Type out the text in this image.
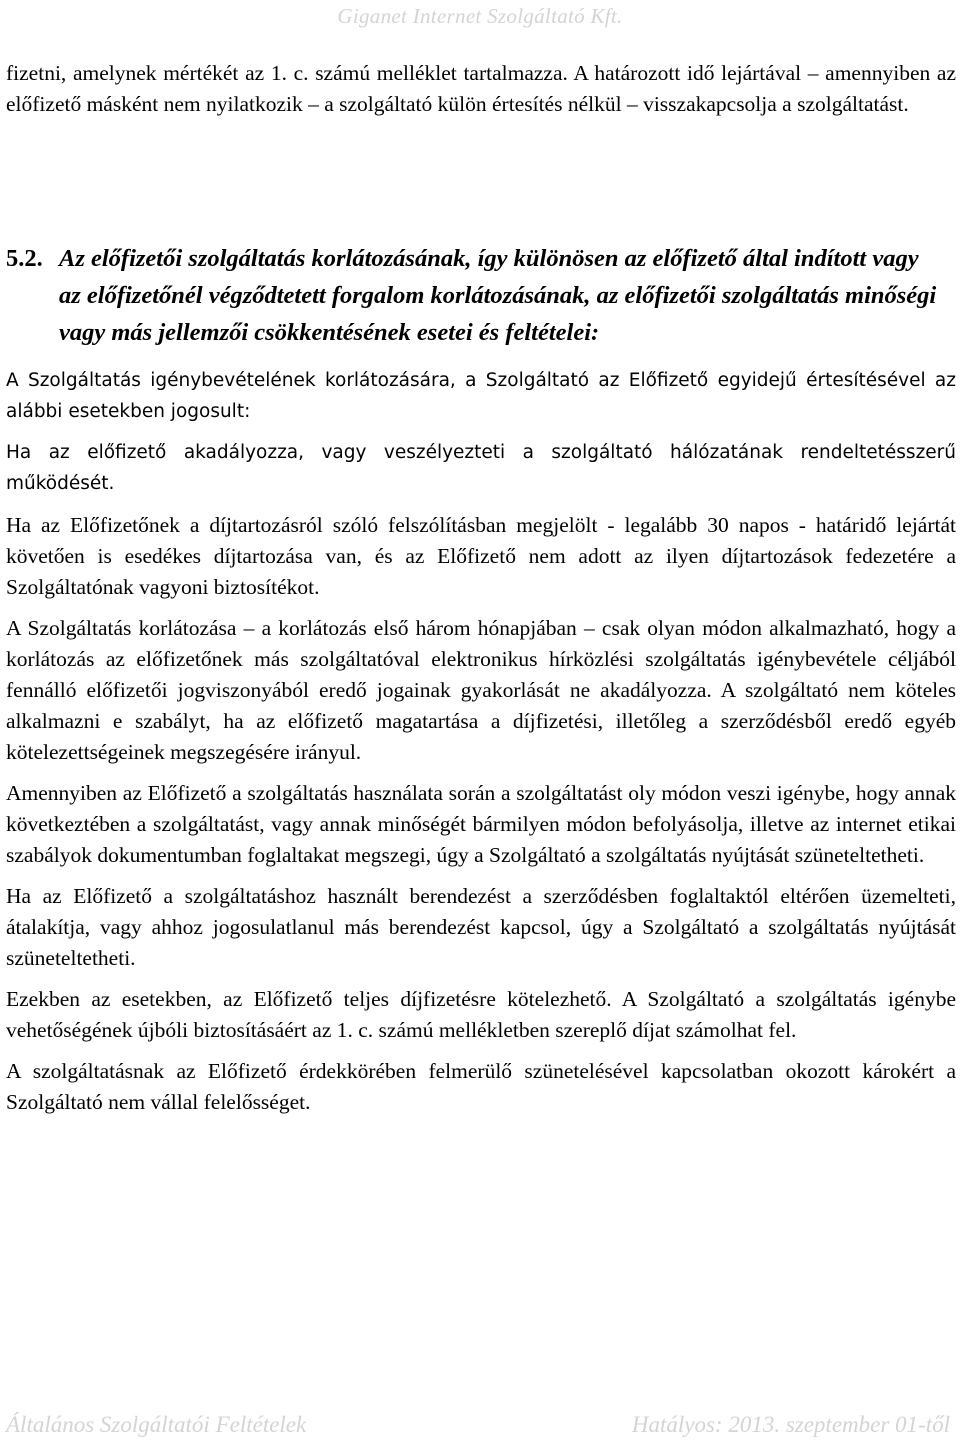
Giganet Internet Szolgáltató Kft.

fizetni, amelynek mértékét az 1. c. számú melléklet tartalmazza. A határozott idő lejártával – amennyiben az előfizető másként nem nyilatkozik – a szolgáltató külön értesítés nélkül – visszakapcsolja a szolgáltatást.

5.2. Az előfizetői szolgáltatás korlátozásának, így különösen az előfizető által indított vagy az előfizetőnél végződtetett forgalom korlátozásának, az előfizetői szolgáltatás minőségi vagy más jellemzői csökkentésének esetei és feltételei:

A Szolgáltatás igénybevételének korlátozására, a Szolgáltató az Előfizető egyidejű értesítésével az alábbi esetekben jogosult:

Ha az előfizető akadályozza, vagy veszélyezteti a szolgáltató hálózatának rendeltetésszerű működését.

Ha az Előfizetőnek a díjtartozásról szóló felszólításban megjelölt - legalább 30 napos - határidő lejártát követően is esedékes díjtartozása van, és az Előfizető nem adott az ilyen díjtartozások fedezetére a Szolgáltatónak vagyoni biztosítékot.

A Szolgáltatás korlátozása – a korlátozás első három hónapjában – csak olyan módon alkalmazható, hogy a korlátozás az előfizetőnek más szolgáltatóval elektronikus hírközlési szolgáltatás igénybevétele céljából fennálló előfizetői jogviszonyából eredő jogainak gyakorlását ne akadályozza. A szolgáltató nem köteles alkalmazni e szabályt, ha az előfizető magatartása a díjfizetési, illetőleg a szerződésből eredő egyéb kötelezettségeinek megszegésére irányul.

Amennyiben az Előfizető a szolgáltatás használata során a szolgáltatást oly módon veszi igénybe, hogy annak következtében a szolgáltatást, vagy annak minőségét bármilyen módon befolyásolja, illetve az internet etikai szabályok dokumentumban foglaltakat megszegi, úgy a Szolgáltató a szolgáltatás nyújtását szüneteltetheti.

Ha az Előfizető a szolgáltatáshoz használt berendezést a szerződésben foglaltaktól eltérően üzemelteti, átalakítja, vagy ahhoz jogosulatlanul más berendezést kapcsol, úgy a Szolgáltató a szolgáltatás nyújtását szüneteltetheti.

Ezekben az esetekben, az Előfizető teljes díjfizetésre kötelezhető. A Szolgáltató a szolgáltatás igénybe vehetőségének újbóli biztosításáért az 1. c. számú mellékletben szereplő díjat számolhat fel.

A szolgáltatásnak az Előfizető érdekkörében felmerülő szünetelésével kapcsolatban okozott károkért a Szolgáltató nem vállal felelősséget.

Általános Szolgáltatói Feltételek	Hatályos: 2013. szeptember 01-től
